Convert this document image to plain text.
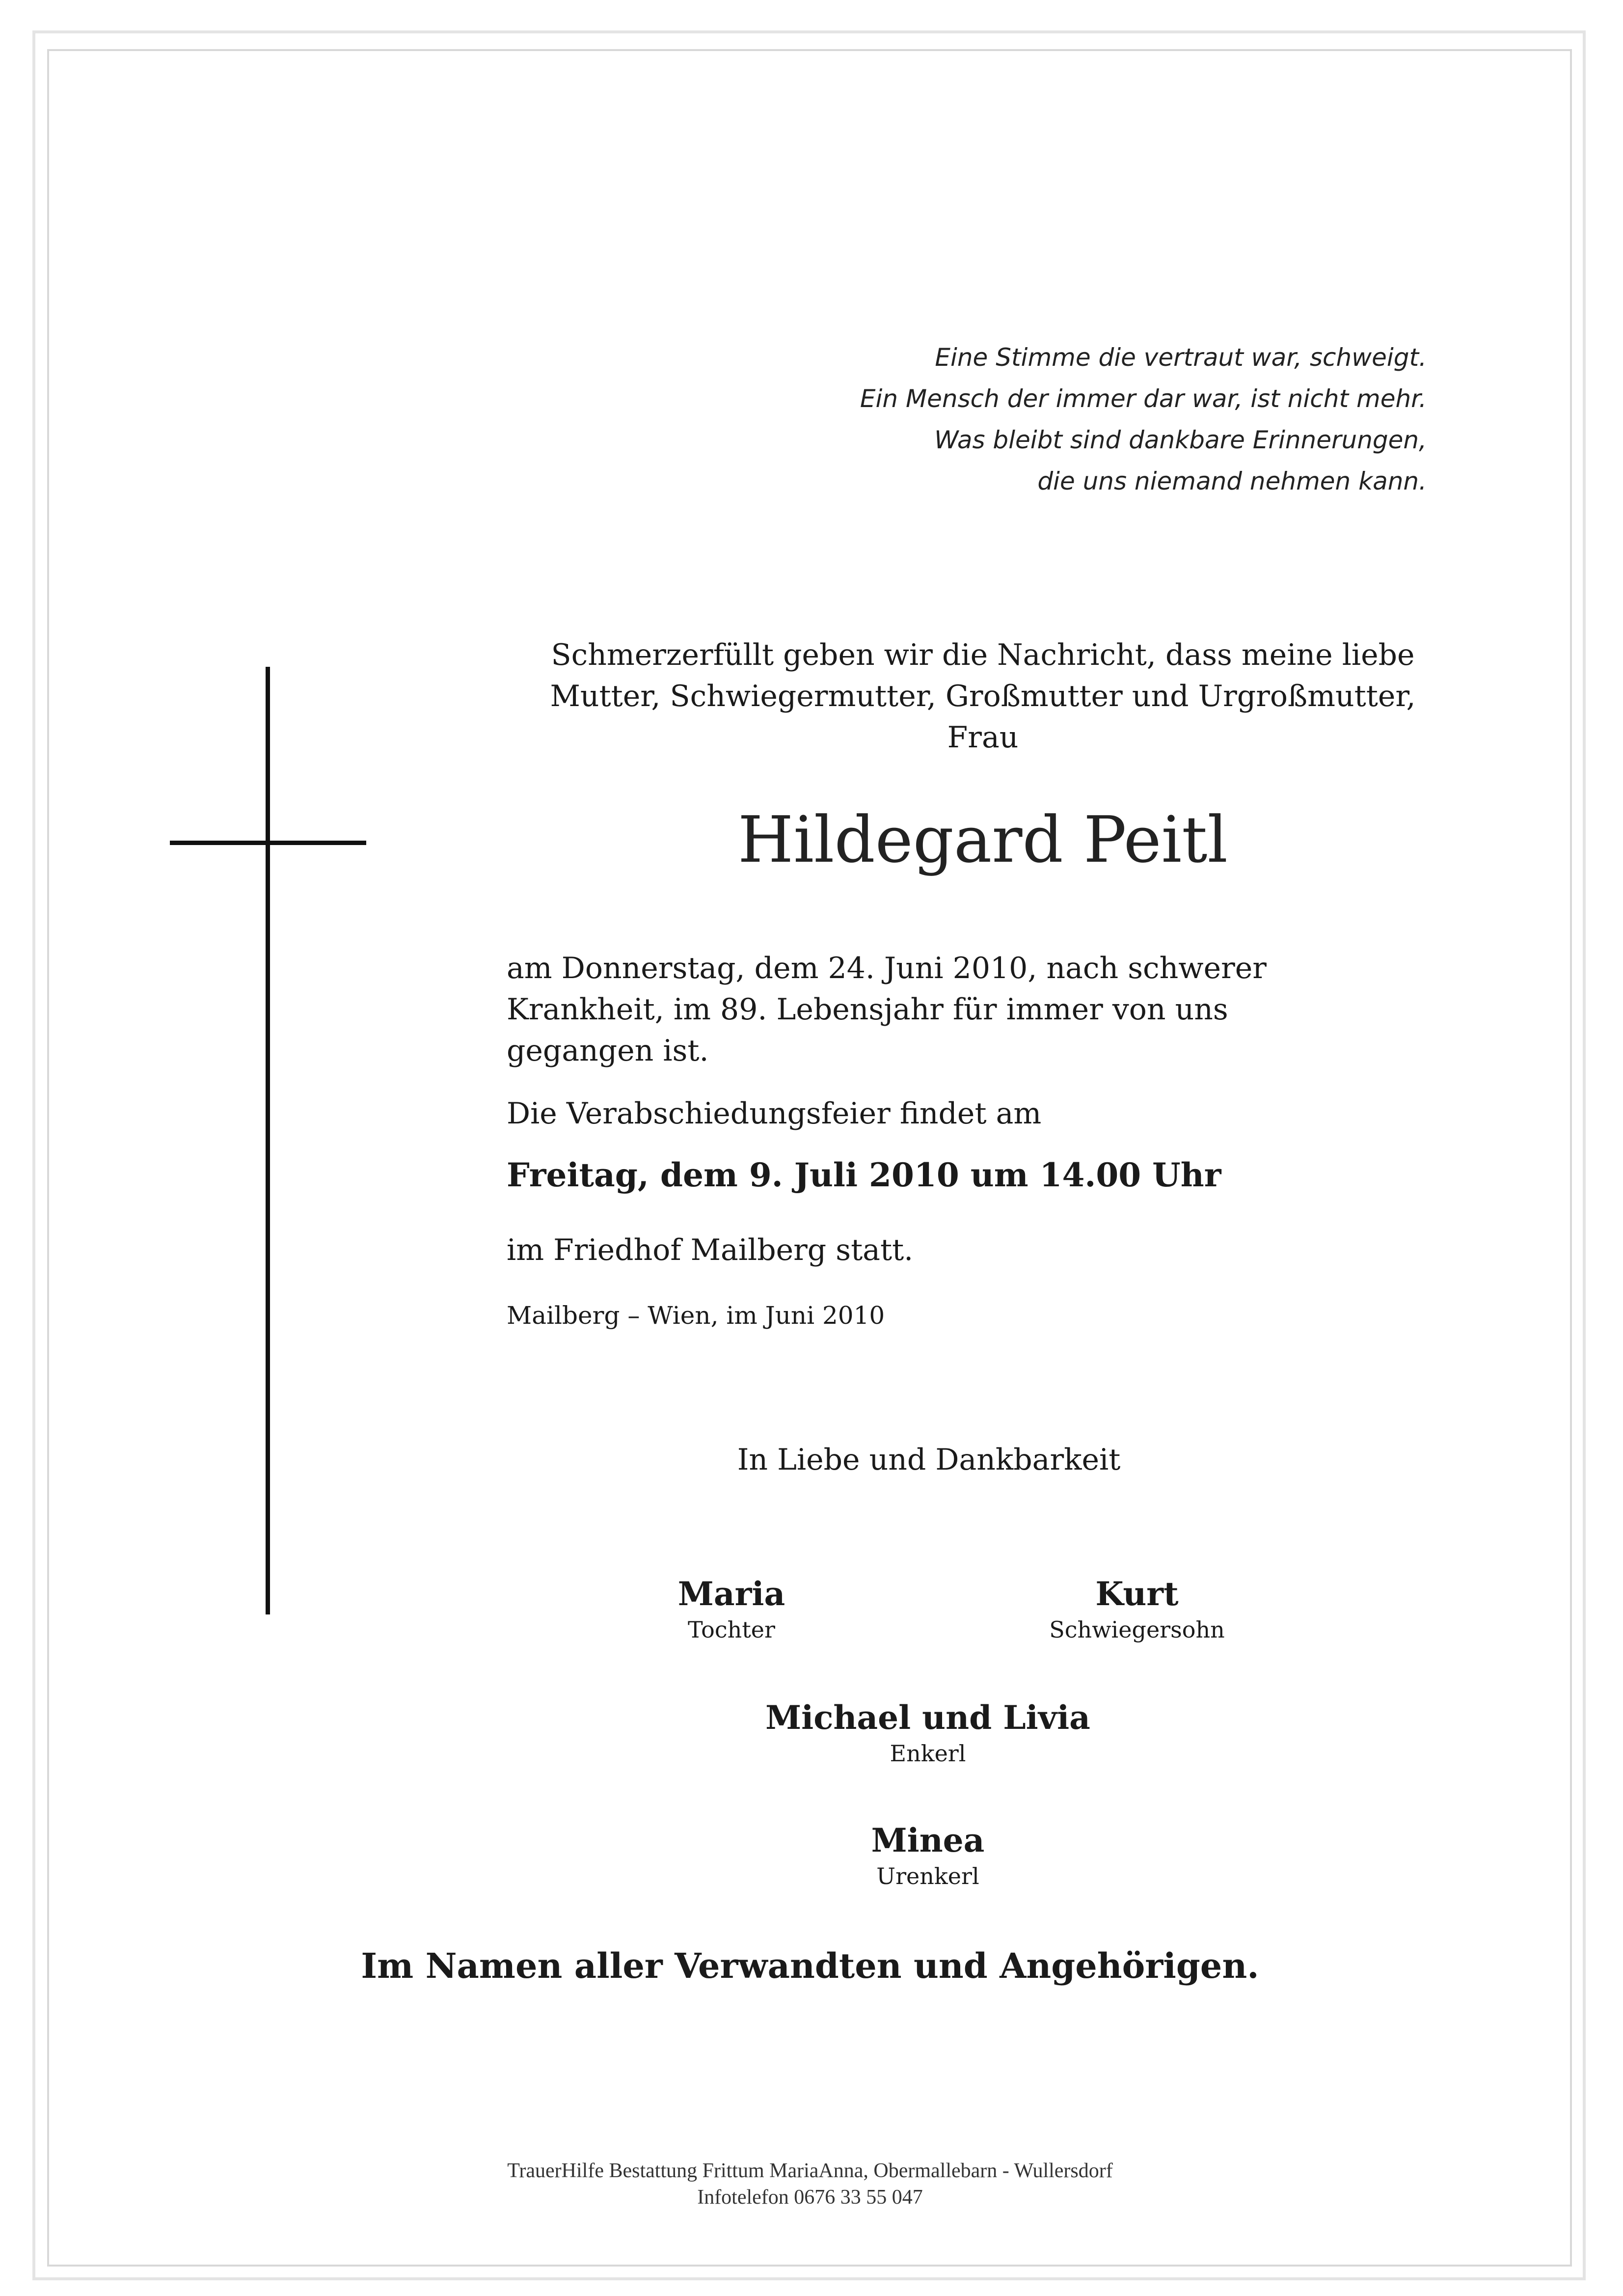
Eine Stimme die vertraut war, schweigt.
Ein Mensch der immer dar war, ist nicht mehr.
Was bleibt sind dankbare Erinnerungen,
die uns niemand nehmen kann.
Schmerzerfüllt geben wir die Nachricht, dass meine liebe
Mutter, Schwiegermutter, Großmutter und Urgroßmutter,
Frau
Hildegard Peitl
am Donnerstag, dem 24. Juni 2010, nach schwerer
Krankheit, im 89. Lebensjahr für immer von uns
gegangen ist.
Die Verabschiedungsfeier findet am
Freitag, dem 9. Juli 2010 um 14.00 Uhr
im Friedhof Mailberg statt.
Mailberg – Wien, im Juni 2010
In Liebe und Dankbarkeit
Maria
Tochter
Kurt
Schwiegersohn
Michael und Livia
Enkerl
Minea
Urenkerl
Im Namen aller Verwandten und Angehörigen.
TrauerHilfe Bestattung Frittum MariaAnna, Obermallebarn - Wullersdorf
Infotelefon 0676 33 55 047
